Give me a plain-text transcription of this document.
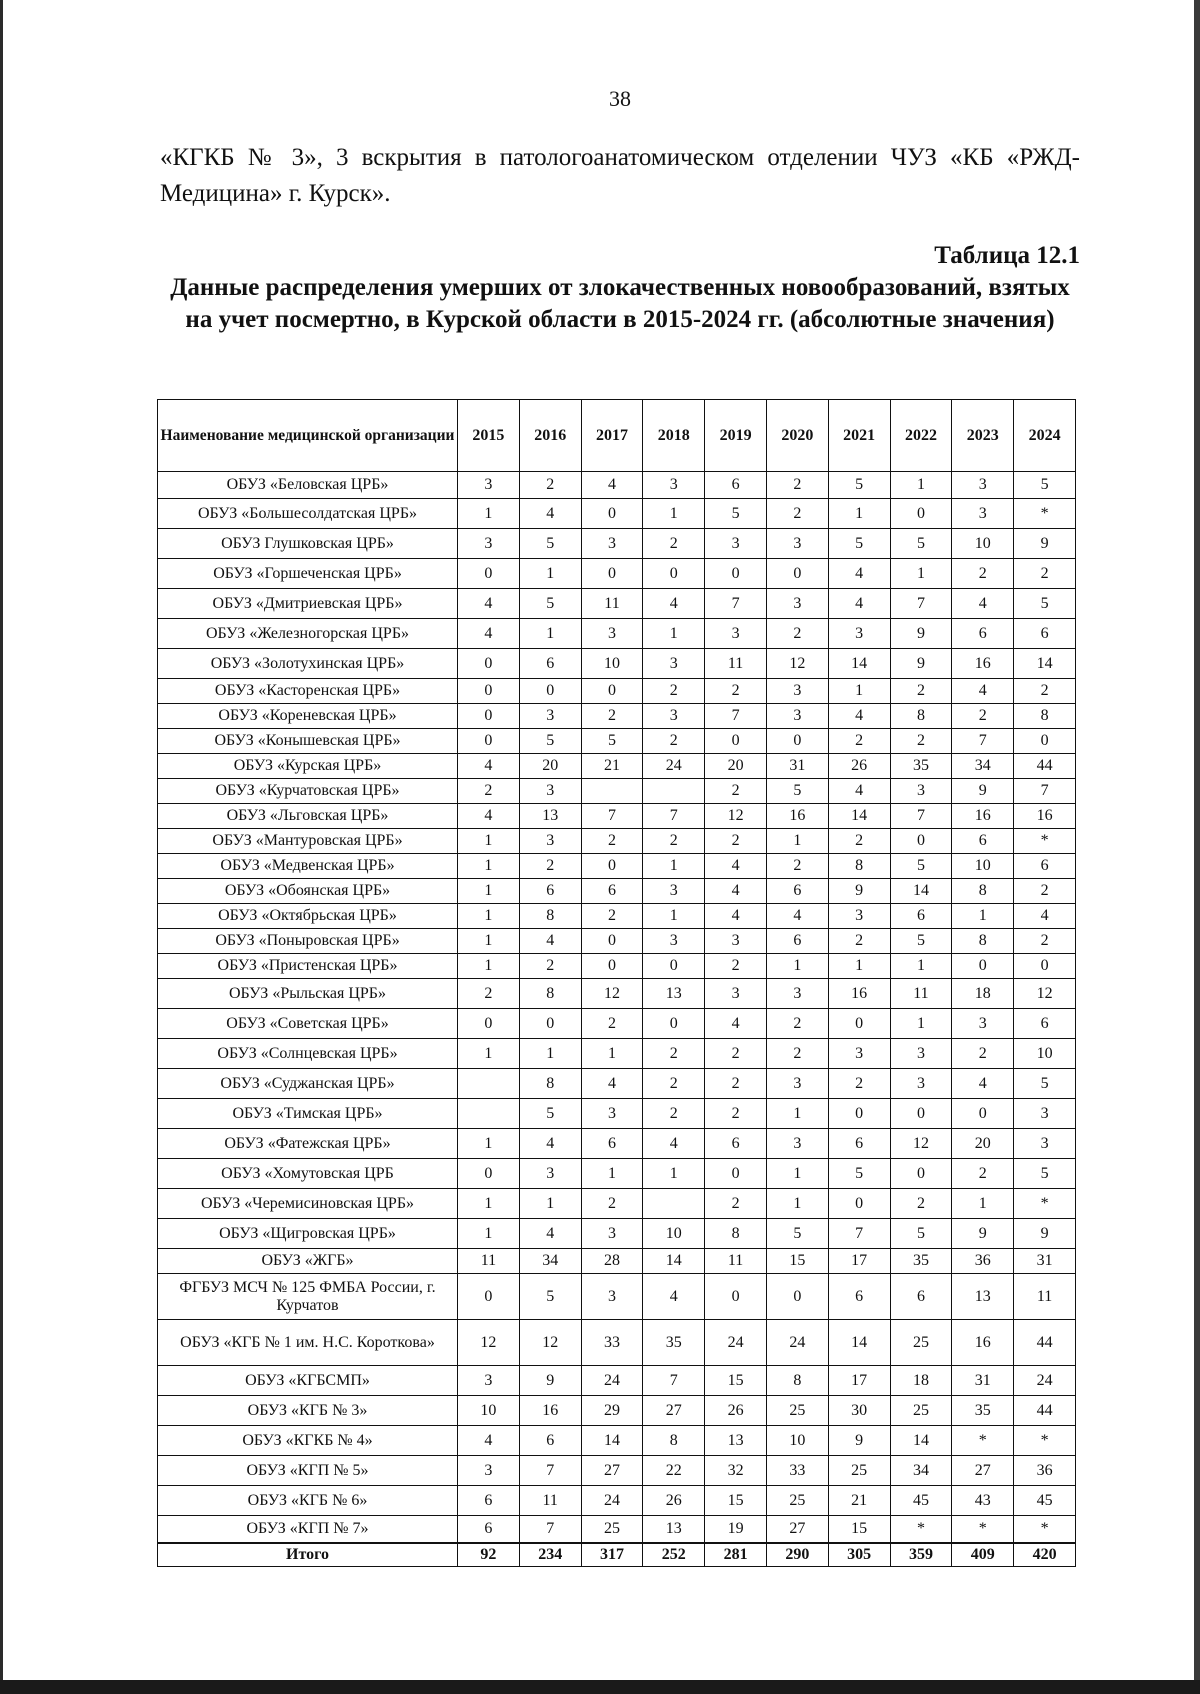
38
«КГКБ № 3», 3 вскрытия в патологоанатомическом отделении ЧУЗ «КБ «РЖД-Медицина» г. Курск».
Таблица 12.1
Данные распределения умерших от злокачественных новообразований, взятых на учет посмертно, в Курской области в 2015-2024 гг. (абсолютные значения)
Наименование медицинской организации	2015	2016	2017	2018	2019	2020	2021	2022	2023	2024
ОБУЗ «Беловская ЦРБ»	3	2	4	3	6	2	5	1	3	5
ОБУЗ «Большесолдатская ЦРБ»	1	4	0	1	5	2	1	0	3	*
ОБУЗ Глушковская ЦРБ»	3	5	3	2	3	3	5	5	10	9
ОБУЗ «Горшеченская ЦРБ»	0	1	0	0	0	0	4	1	2	2
ОБУЗ «Дмитриевская ЦРБ»	4	5	11	4	7	3	4	7	4	5
ОБУЗ «Железногорская ЦРБ»	4	1	3	1	3	2	3	9	6	6
ОБУЗ «Золотухинская ЦРБ»	0	6	10	3	11	12	14	9	16	14
ОБУЗ «Касторенская ЦРБ»	0	0	0	2	2	3	1	2	4	2
ОБУЗ «Кореневская ЦРБ»	0	3	2	3	7	3	4	8	2	8
ОБУЗ «Конышевская ЦРБ»	0	5	5	2	0	0	2	2	7	0
ОБУЗ «Курская ЦРБ»	4	20	21	24	20	31	26	35	34	44
ОБУЗ «Курчатовская ЦРБ»	2	3			2	5	4	3	9	7
ОБУЗ «Льговская ЦРБ»	4	13	7	7	12	16	14	7	16	16
ОБУЗ «Мантуровская ЦРБ»	1	3	2	2	2	1	2	0	6	*
ОБУЗ «Медвенская ЦРБ»	1	2	0	1	4	2	8	5	10	6
ОБУЗ «Обоянская ЦРБ»	1	6	6	3	4	6	9	14	8	2
ОБУЗ «Октябрьская ЦРБ»	1	8	2	1	4	4	3	6	1	4
ОБУЗ «Поныровская ЦРБ»	1	4	0	3	3	6	2	5	8	2
ОБУЗ «Пристенская ЦРБ»	1	2	0	0	2	1	1	1	0	0
ОБУЗ «Рыльская ЦРБ»	2	8	12	13	3	3	16	11	18	12
ОБУЗ «Советская ЦРБ»	0	0	2	0	4	2	0	1	3	6
ОБУЗ «Солнцевская ЦРБ»	1	1	1	2	2	2	3	3	2	10
ОБУЗ «Суджанская ЦРБ»		8	4	2	2	3	2	3	4	5
ОБУЗ «Тимская ЦРБ»		5	3	2	2	1	0	0	0	3
ОБУЗ «Фатежская ЦРБ»	1	4	6	4	6	3	6	12	20	3
ОБУЗ «Хомутовская ЦРБ	0	3	1	1	0	1	5	0	2	5
ОБУЗ «Черемисиновская ЦРБ»	1	1	2		2	1	0	2	1	*
ОБУЗ «Щигровская ЦРБ»	1	4	3	10	8	5	7	5	9	9
ОБУЗ «ЖГБ»	11	34	28	14	11	15	17	35	36	31
ФГБУЗ МСЧ № 125 ФМБА России, г. Курчатов	0	5	3	4	0	0	6	6	13	11
ОБУЗ «КГБ № 1 им. Н.С. Короткова»	12	12	33	35	24	24	14	25	16	44
ОБУЗ «КГБСМП»	3	9	24	7	15	8	17	18	31	24
ОБУЗ «КГБ № 3»	10	16	29	27	26	25	30	25	35	44
ОБУЗ «КГКБ № 4»	4	6	14	8	13	10	9	14	*	*
ОБУЗ «КГП № 5»	3	7	27	22	32	33	25	34	27	36
ОБУЗ «КГБ № 6»	6	11	24	26	15	25	21	45	43	45
ОБУЗ «КГП № 7»	6	7	25	13	19	27	15	*	*	*
Итого	92	234	317	252	281	290	305	359	409	420
